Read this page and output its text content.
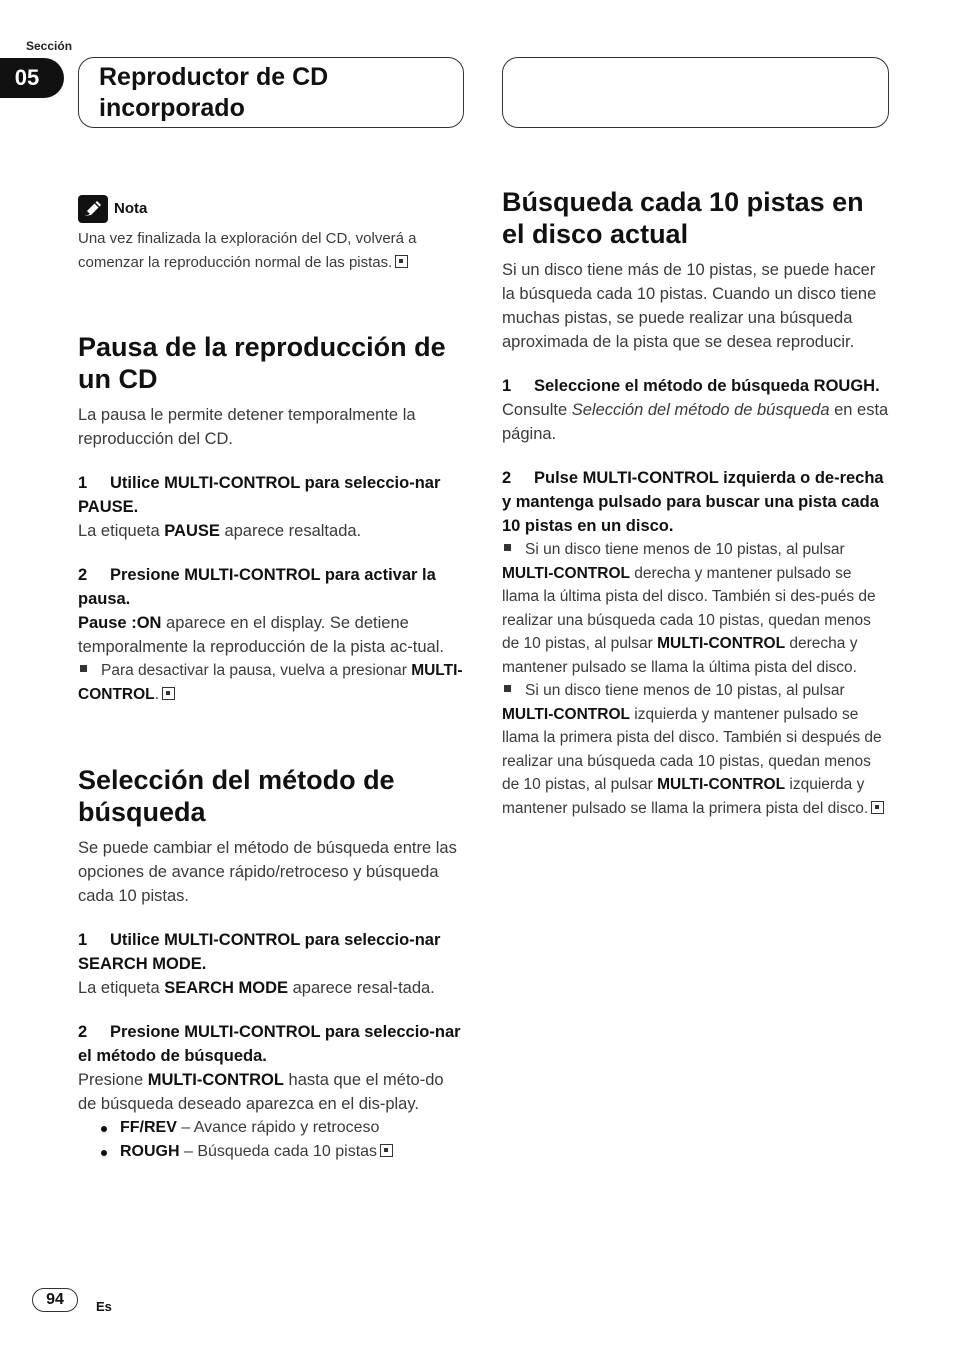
Sección
05	Reproductor de CD incorporado
Nota

Una vez finalizada la exploración del CD, volverá a comenzar la reproducción normal de las pistas.

Pausa de la reproducción de un CD

La pausa le permite detener temporalmente la reproducción del CD.

1 Utilice MULTI-CONTROL para seleccio-nar PAUSE.

La etiqueta PAUSE aparece resaltada.

2 Presione MULTI-CONTROL para activar la pausa.

Pause :ON aparece en el display. Se detiene temporalmente la reproducción de la pista ac-tual.

Para desactivar la pausa, vuelva a presionar MULTI-CONTROL.

Selección del método de búsqueda

Se puede cambiar el método de búsqueda entre las opciones de avance rápido/retroceso y búsqueda cada 10 pistas.

1 Utilice MULTI-CONTROL para seleccio-nar SEARCH MODE.

La etiqueta SEARCH MODE aparece resal-tada.

2 Presione MULTI-CONTROL para seleccio-nar el método de búsqueda.

Presione MULTI-CONTROL hasta que el méto-do de búsqueda deseado aparezca en el dis-play.

FF/REV – Avance rápido y retroceso
ROUGH – Búsqueda cada 10 pistas
Búsqueda cada 10 pistas en el disco actual

Si un disco tiene más de 10 pistas, se puede hacer la búsqueda cada 10 pistas. Cuando un disco tiene muchas pistas, se puede realizar una búsqueda aproximada de la pista que se desea reproducir.

1 Seleccione el método de búsqueda ROUGH.

Consulte Selección del método de búsqueda en esta página.

2 Pulse MULTI-CONTROL izquierda o de-recha y mantenga pulsado para buscar una pista cada 10 pistas en un disco.

Si un disco tiene menos de 10 pistas, al pulsar MULTI-CONTROL derecha y mantener pulsado se llama la última pista del disco. También si des-pués de realizar una búsqueda cada 10 pistas, quedan menos de 10 pistas, al pulsar MULTI-CONTROL derecha y mantener pulsado se llama la última pista del disco.

Si un disco tiene menos de 10 pistas, al pulsar MULTI-CONTROL izquierda y mantener pulsado se llama la primera pista del disco. También si después de realizar una búsqueda cada 10 pistas, quedan menos de 10 pistas, al pulsar MULTI-CONTROL izquierda y mantener pulsado se llama la primera pista del disco.

94	Es
